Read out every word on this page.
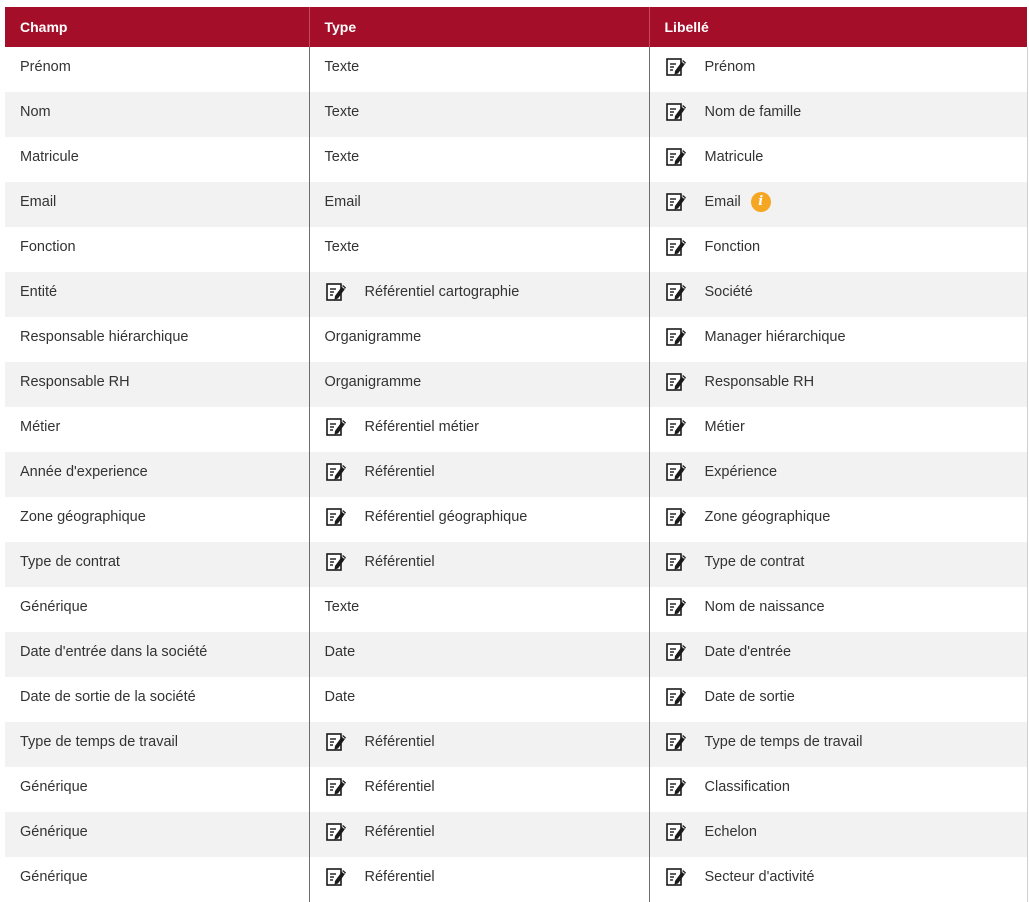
Champ	Type	Libellé

Prénom	Texte	Prénom

Nom	Texte	Nom de famille

Matricule	Texte	Matricule

Email	Email	Email i

Fonction	Texte	Fonction

Entité	Référentiel cartographie	Société

Responsable hiérarchique	Organigramme	Manager hiérarchique

Responsable RH	Organigramme	Responsable RH

Métier	Référentiel métier	Métier

Année d'experience	Référentiel	Expérience

Zone géographique	Référentiel géographique	Zone géographique

Type de contrat	Référentiel	Type de contrat

Générique	Texte	Nom de naissance

Date d'entrée dans la société	Date	Date d'entrée

Date de sortie de la société	Date	Date de sortie

Type de temps de travail	Référentiel	Type de temps de travail

Générique	Référentiel	Classification

Générique	Référentiel	Echelon

Générique	Référentiel	Secteur d'activité
